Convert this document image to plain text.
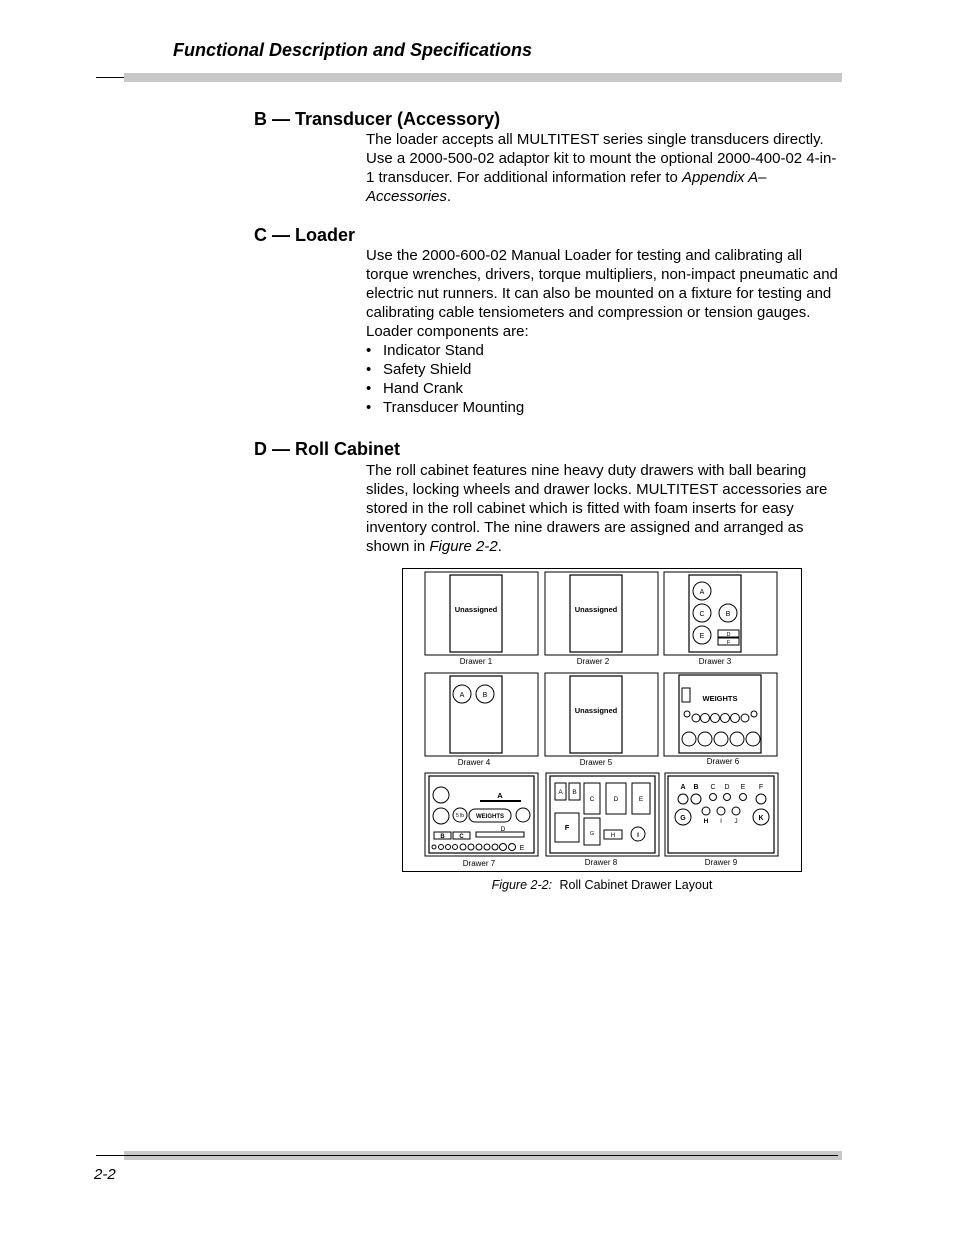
Functional Description and Specifications
B — Transducer (Accessory)

The loader accepts all MULTITEST series single transducers directly. Use a 2000-500-02 adaptor kit to mount the optional 2000-400-02 4-in-1 transducer. For additional information refer to Appendix A–Accessories.

C — Loader

Use the 2000-600-02 Manual Loader for testing and calibrating all torque wrenches, drivers, torque multipliers, non-impact pneumatic and electric nut runners. It can also be mounted on a fixture for testing and calibrating cable tensiometers and compression or tension gauges. Loader components are:

• Indicator Stand
• Safety Shield
• Hand Crank
• Transducer Mounting
D — Roll Cabinet

The roll cabinet features nine heavy duty drawers with ball bearing slides, locking wheels and drawer locks. MULTITEST accessories are stored in the roll cabinet which is fitted with foam inserts for easy inventory control. The nine drawers are assigned and arranged as shown in Figure 2-2.

Unassigned
Drawer 1
Unassigned
Drawer 2
A
C	B
E	D
F
Drawer 3
A	B
Drawer 4
Unassigned
Drawer 5
WEIGHTS
Drawer 6
A
5 lb WEIGHTS
D
B C
E
Drawer 7
A B
C	D	E
F
G	H	I
Drawer 8
A B C D E F
G	H I J	K
Drawer 9
Figure 2-2: Roll Cabinet Drawer Layout
2-2
